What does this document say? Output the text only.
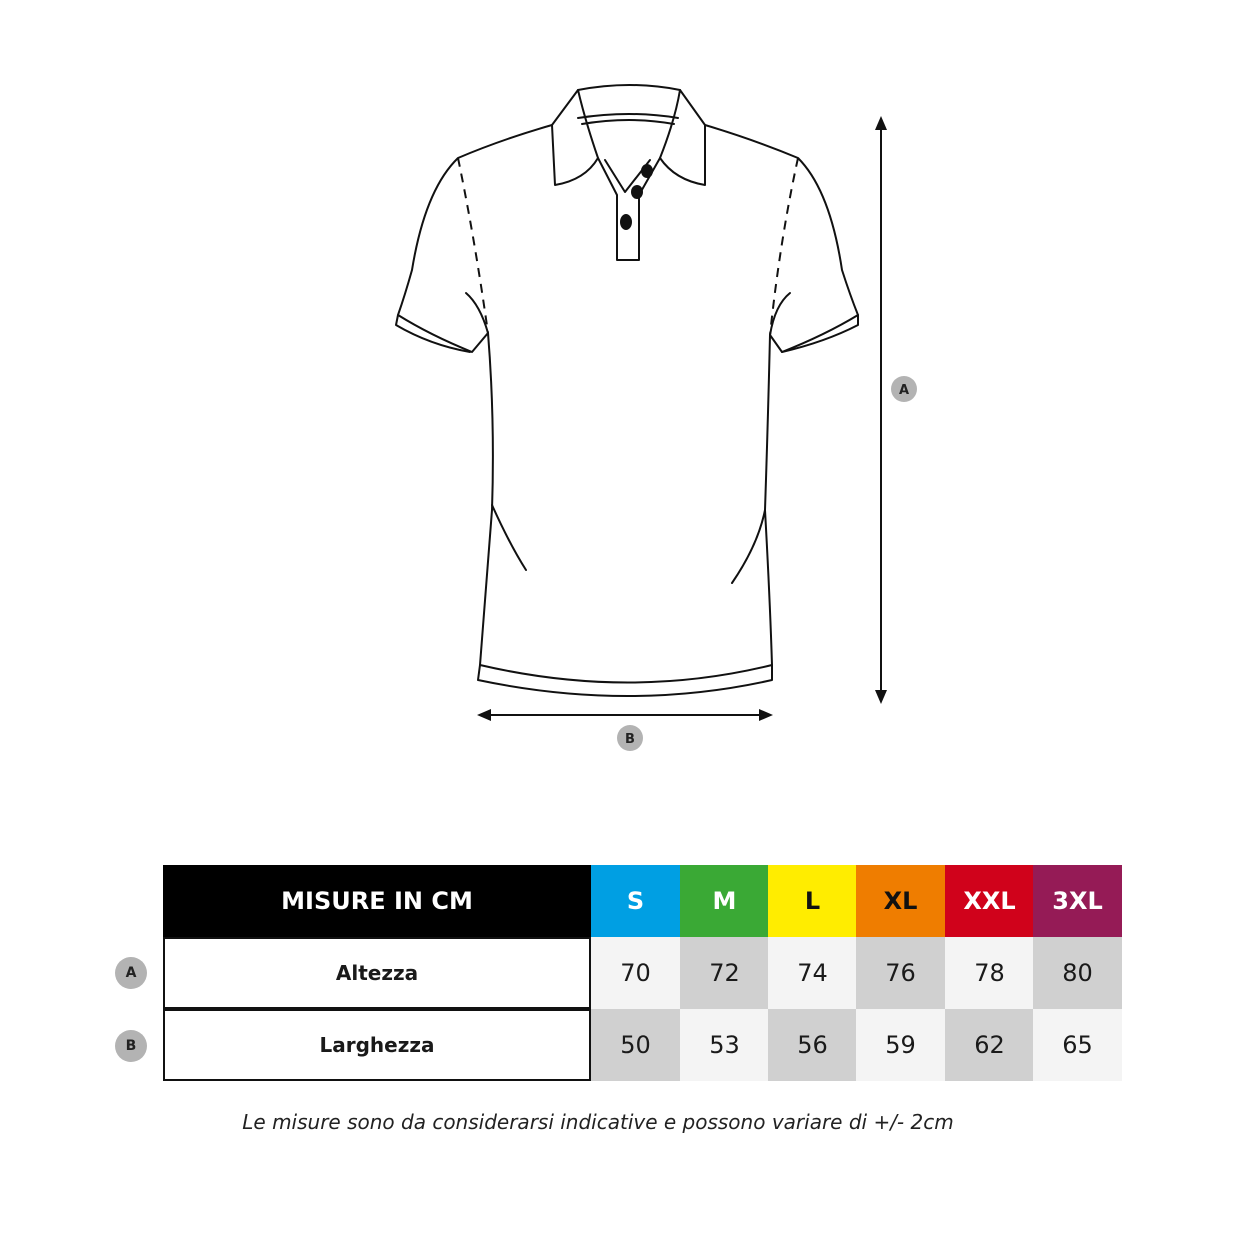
A
B
MISURE IN CM	S	M	L	XL	XXL	3XL
Altezza	70	72	74	76	78	80
Larghezza	50	53	56	59	62	65
A
B
Le misure sono da considerarsi indicative e possono variare di +/- 2cm
